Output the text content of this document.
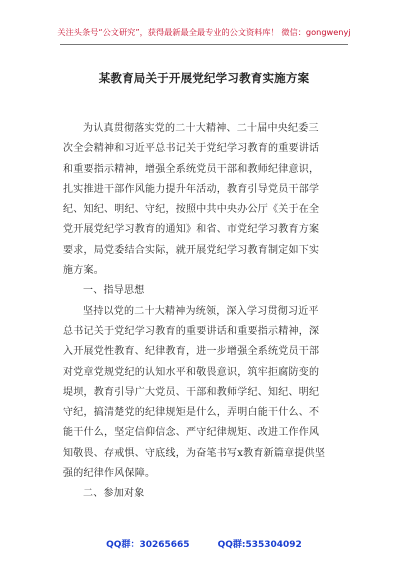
关注头条号“公文研究”，获得最新最全最专业的公文资料库！ 微信：gongwenyj
某教育局关于开展党纪学习教育实施方案
为认真贯彻落实党的二十大精神、二十届中央纪委三
次全会精神和习近平总书记关于党纪学习教育的重要讲话
和重要指示精神，增强全系统党员干部和教师纪律意识，
扎实推进干部作风能力提升年活动，教育引导党员干部学
纪、知纪、明纪、守纪，按照中共中央办公厅《关于在全
党开展党纪学习教育的通知》和省、市党纪学习教育方案
要求，局党委结合实际，就开展党纪学习教育制定如下实
施方案。
一、指导思想
坚持以党的二十大精神为统领，深入学习贯彻习近平
总书记关于党纪学习教育的重要讲话和重要指示精神，深
入开展党性教育、纪律教育，进一步增强全系统党员干部
对党章党规党纪的认知水平和敬畏意识，筑牢拒腐防变的
堤坝，教育引导广大党员、干部和教师学纪、知纪、明纪
守纪，搞清楚党的纪律规矩是什么，弄明白能干什么、不
能干什么，坚定信仰信念、严守纪律规矩、改进工作作风
知敬畏、存戒惧、守底线，为奋笔书写x教育新篇章提供坚
强的纪律作风保障。
二、参加对象
QQ群：30265665	QQ群:535304092
